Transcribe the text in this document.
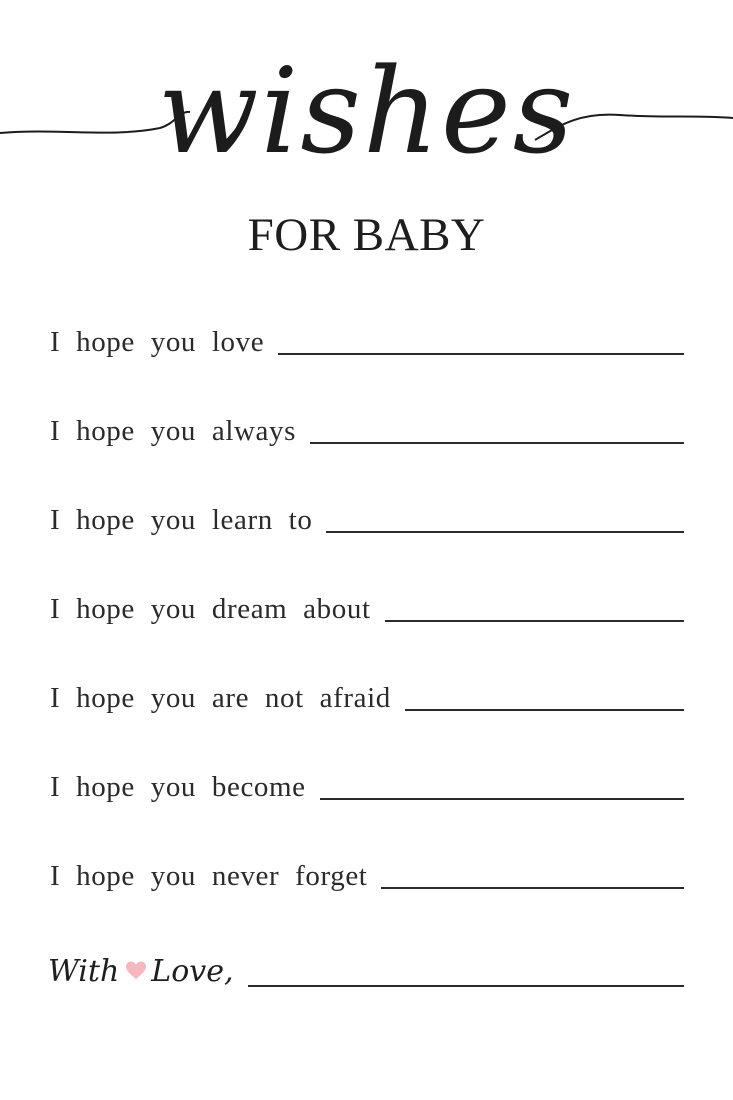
wishes
FOR BABY
I hope you love
I hope you always
I hope you learn to
I hope you dream about
I hope you are not afraid
I hope you become
I hope you never forget
With Love,
